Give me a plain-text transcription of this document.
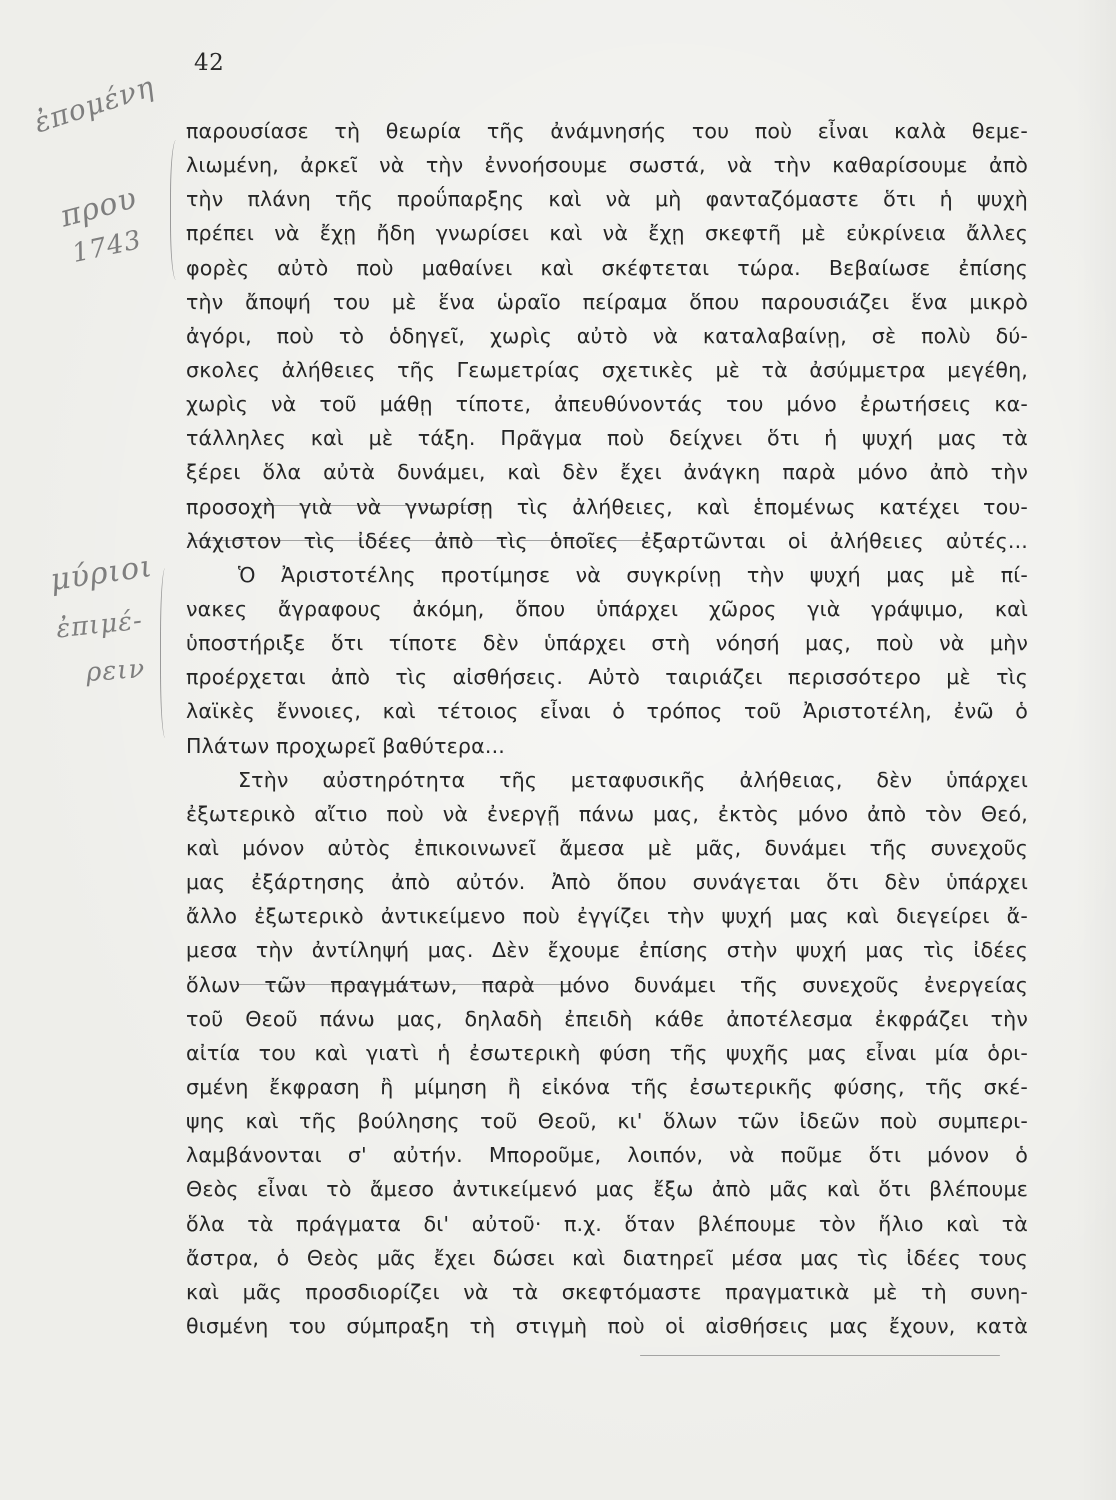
42
ἐπομένη
πρου
1743
μύριοι
ἐπιμέ-
ρειν
παρουσίασε τὴ θεωρία τῆς ἀνάμνησής του ποὺ εἶναι καλὰ θεμε-
λιωμένη, ἀρκεῖ νὰ τὴν ἐννοήσουμε σωστά, νὰ τὴν καθαρίσουμε ἀπὸ
τὴν πλάνη τῆς προΰπαρξης καὶ νὰ μὴ φανταζόμαστε ὅτι ἡ ψυχὴ
πρέπει νὰ ἔχῃ ἤδη γνωρίσει καὶ νὰ ἔχῃ σκεφτῆ μὲ εὐκρίνεια ἄλλες
φορὲς αὐτὸ ποὺ μαθαίνει καὶ σκέφτεται τώρα. Βεβαίωσε ἐπίσης
τὴν ἄποψή του μὲ ἕνα ὡραῖο πείραμα ὅπου παρουσιάζει ἕνα μικρὸ
ἀγόρι, ποὺ τὸ ὁδηγεῖ, χωρὶς αὐτὸ νὰ καταλαβαίνῃ, σὲ πολὺ δύ-
σκολες ἀλήθειες τῆς Γεωμετρίας σχετικὲς μὲ τὰ ἀσύμμετρα μεγέθη,
χωρὶς νὰ τοῦ μάθῃ τίποτε, ἀπευθύνοντάς του μόνο ἐρωτήσεις κα-
τάλληλες καὶ μὲ τάξη. Πρᾶγμα ποὺ δείχνει ὅτι ἡ ψυχή μας τὰ
ξέρει ὅλα αὐτὰ δυνάμει, καὶ δὲν ἔχει ἀνάγκη παρὰ μόνο ἀπὸ τὴν
προσοχὴ γιὰ νὰ γνωρίσῃ τὶς ἀλήθειες, καὶ ἑπομένως κατέχει του-
λάχιστον τὶς ἰδέες ἀπὸ τὶς ὁποῖες ἐξαρτῶνται οἱ ἀλήθειες αὐτές...
Ὁ Ἀριστοτέλης προτίμησε νὰ συγκρίνῃ τὴν ψυχή μας μὲ πί-
νακες ἄγραφους ἀκόμη, ὅπου ὑπάρχει χῶρος γιὰ γράψιμο, καὶ
ὑποστήριξε ὅτι τίποτε δὲν ὑπάρχει στὴ νόησή μας, ποὺ νὰ μὴν
προέρχεται ἀπὸ τὶς αἰσθήσεις. Αὐτὸ ταιριάζει περισσότερο μὲ τὶς
λαϊκὲς ἔννοιες, καὶ τέτοιος εἶναι ὁ τρόπος τοῦ Ἀριστοτέλη, ἐνῶ ὁ
Πλάτων προχωρεῖ βαθύτερα...
Στὴν αὐστηρότητα τῆς μεταφυσικῆς ἀλήθειας, δὲν ὑπάρχει
ἐξωτερικὸ αἴτιο ποὺ νὰ ἐνεργῇ πάνω μας, ἐκτὸς μόνο ἀπὸ τὸν Θεό,
καὶ μόνον αὐτὸς ἐπικοινωνεῖ ἄμεσα μὲ μᾶς, δυνάμει τῆς συνεχοῦς
μας ἐξάρτησης ἀπὸ αὐτόν. Ἀπὸ ὅπου συνάγεται ὅτι δὲν ὑπάρχει
ἄλλο ἐξωτερικὸ ἀντικείμενο ποὺ ἐγγίζει τὴν ψυχή μας καὶ διεγείρει ἄ-
μεσα τὴν ἀντίληψή μας. Δὲν ἔχουμε ἐπίσης στὴν ψυχή μας τὶς ἰδέες
ὅλων τῶν πραγμάτων, παρὰ μόνο δυνάμει τῆς συνεχοῦς ἐνεργείας
τοῦ Θεοῦ πάνω μας, δηλαδὴ ἐπειδὴ κάθε ἀποτέλεσμα ἐκφράζει τὴν
αἰτία του καὶ γιατὶ ἡ ἐσωτερικὴ φύση τῆς ψυχῆς μας εἶναι μία ὁρι-
σμένη ἔκφραση ἢ μίμηση ἢ εἰκόνα τῆς ἐσωτερικῆς φύσης, τῆς σκέ-
ψης καὶ τῆς βούλησης τοῦ Θεοῦ, κι' ὅλων τῶν ἰδεῶν ποὺ συμπερι-
λαμβάνονται σ' αὐτήν. Μποροῦμε, λοιπόν, νὰ ποῦμε ὅτι μόνον ὁ
Θεὸς εἶναι τὸ ἄμεσο ἀντικείμενό μας ἔξω ἀπὸ μᾶς καὶ ὅτι βλέπουμε
ὅλα τὰ πράγματα δι' αὐτοῦ· π.χ. ὅταν βλέπουμε τὸν ἥλιο καὶ τὰ
ἄστρα, ὁ Θεὸς μᾶς ἔχει δώσει καὶ διατηρεῖ μέσα μας τὶς ἰδέες τους
καὶ μᾶς προσδιορίζει νὰ τὰ σκεφτόμαστε πραγματικὰ μὲ τὴ συνη-
θισμένη του σύμπραξη τὴ στιγμὴ ποὺ οἱ αἰσθήσεις μας ἔχουν, κατὰ
